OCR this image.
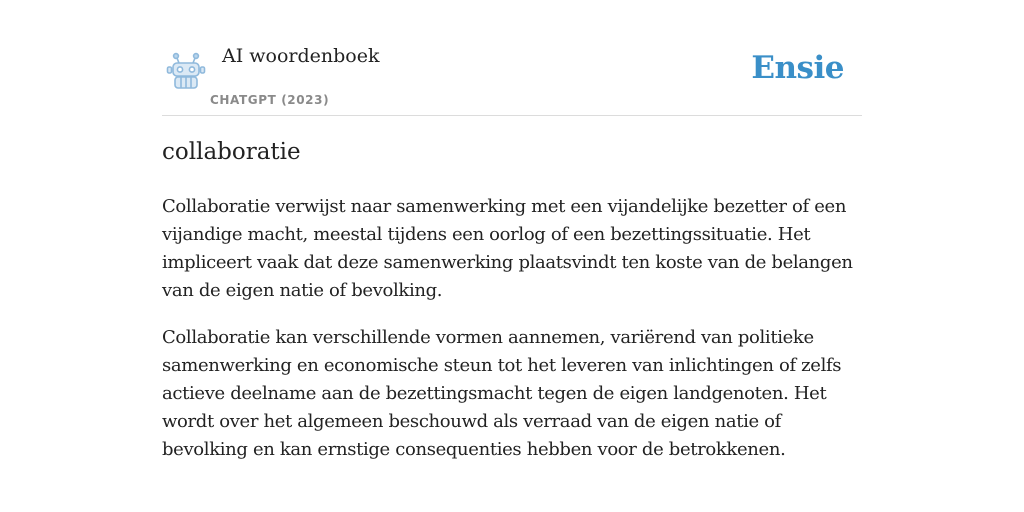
AI woordenboek
CHATGPT (2023)
Ensie
collaboratie

Collaboratie verwijst naar samenwerking met een vijandelijke bezetter of een vijandige macht, meestal tijdens een oorlog of een bezettingssituatie. Het impliceert vaak dat deze samenwerking plaatsvindt ten koste van de belangen van de eigen natie of bevolking.

Collaboratie kan verschillende vormen aannemen, variërend van politieke samenwerking en economische steun tot het leveren van inlichtingen of zelfs actieve deelname aan de bezettingsmacht tegen de eigen landgenoten. Het wordt over het algemeen beschouwd als verraad van de eigen natie of bevolking en kan ernstige consequenties hebben voor de betrokkenen.
